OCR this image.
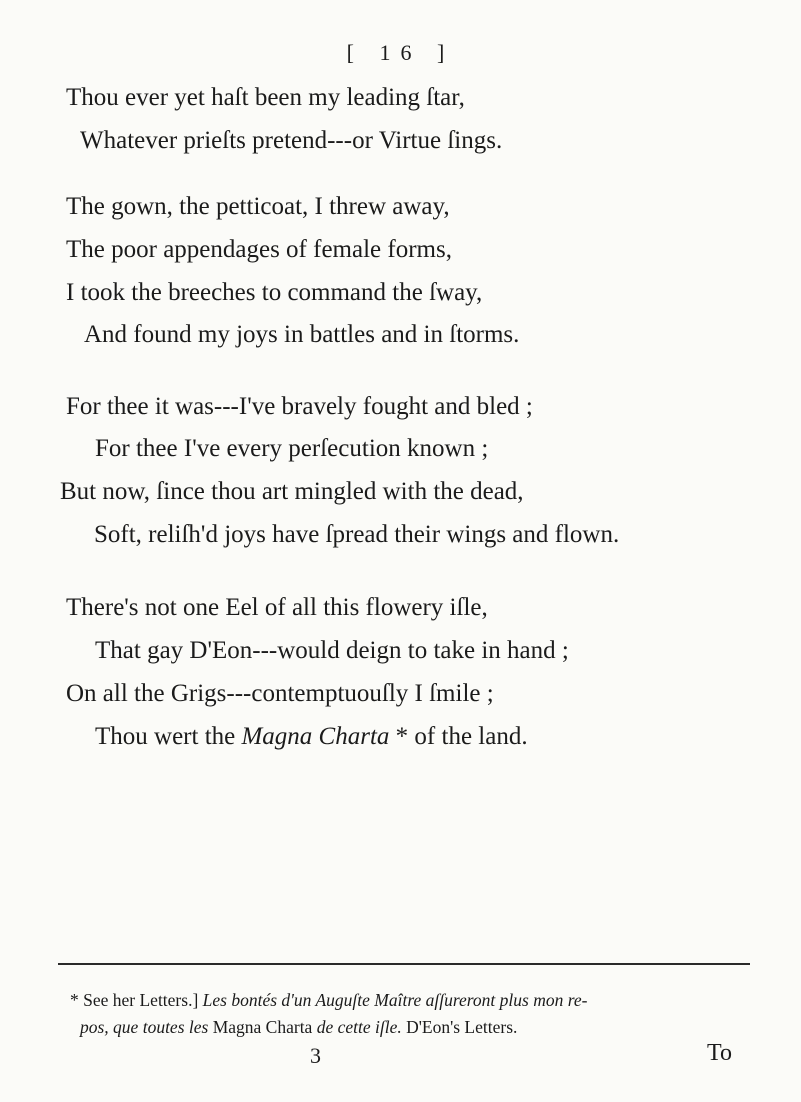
[ 16 ]
Thou ever yet haſt been my leading ſtar,
Whatever prieſts pretend---or Virtue ſings.
The gown, the petticoat, I threw away,
The poor appendages of female forms,
I took the breeches to command the ſway,
And found my joys in battles and in ſtorms.
For thee it was---I've bravely fought and bled ;
For thee I've every perſecution known ;
But now, ſince thou art mingled with the dead,
Soft, reliſh'd joys have ſpread their wings and flown.
There's not one Eel of all this flowery iſle,
That gay D'Eon---would deign to take in hand ;
On all the Grigs---contemptuouſly I ſmile ;
Thou wert the Magna Charta * of the land.
* See her Letters.] Les bontés d'un Auguſte Maître aſſureront plus mon re-
pos, que toutes les Magna Charta de cette iſle. D'Eon's Letters.
3	To
